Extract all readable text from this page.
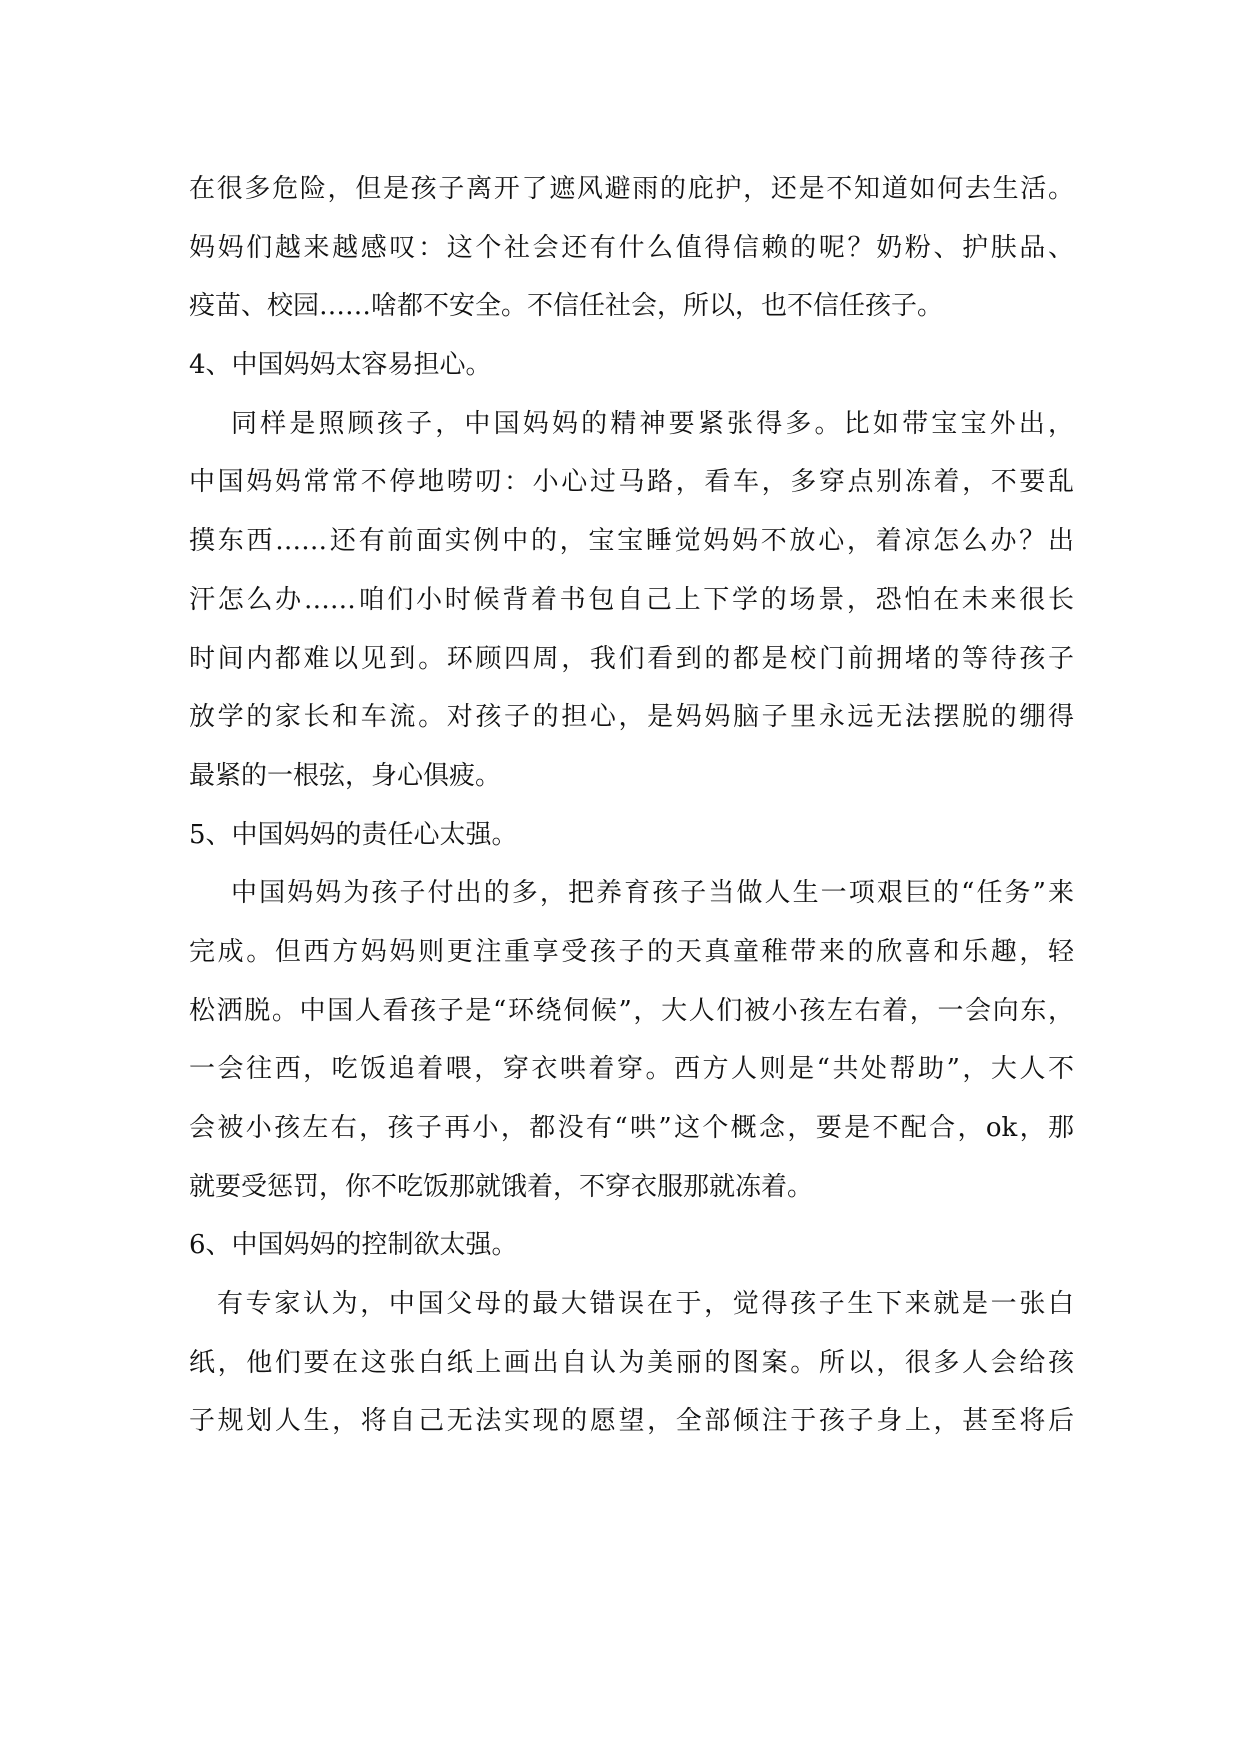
在很多危险，但是孩子离开了遮风避雨的庇护，还是不知道如何去生活。
妈妈们越来越感叹：这个社会还有什么值得信赖的呢？奶粉、护肤品、
疫苗、校园……啥都不安全。不信任社会，所以，也不信任孩子。
4、中国妈妈太容易担心。
同样是照顾孩子，中国妈妈的精神要紧张得多。比如带宝宝外出，
中国妈妈常常不停地唠叨：小心过马路，看车，多穿点别冻着，不要乱
摸东西……还有前面实例中的，宝宝睡觉妈妈不放心，着凉怎么办？出
汗怎么办……咱们小时候背着书包自己上下学的场景，恐怕在未来很长
时间内都难以见到。环顾四周，我们看到的都是校门前拥堵的等待孩子
放学的家长和车流。对孩子的担心，是妈妈脑子里永远无法摆脱的绷得
最紧的一根弦，身心俱疲。
5、中国妈妈的责任心太强。
中国妈妈为孩子付出的多，把养育孩子当做人生一项艰巨的“任务”来
完成。但西方妈妈则更注重享受孩子的天真童稚带来的欣喜和乐趣，轻
松洒脱。中国人看孩子是“环绕伺候”，大人们被小孩左右着，一会向东，
一会往西，吃饭追着喂，穿衣哄着穿。西方人则是“共处帮助”，大人不
会被小孩左右，孩子再小，都没有“哄”这个概念，要是不配合，ok，那
就要受惩罚，你不吃饭那就饿着，不穿衣服那就冻着。
6、中国妈妈的控制欲太强。
有专家认为，中国父母的最大错误在于，觉得孩子生下来就是一张白
纸，他们要在这张白纸上画出自认为美丽的图案。所以，很多人会给孩
子规划人生，将自己无法实现的愿望，全部倾注于孩子身上，甚至将后
